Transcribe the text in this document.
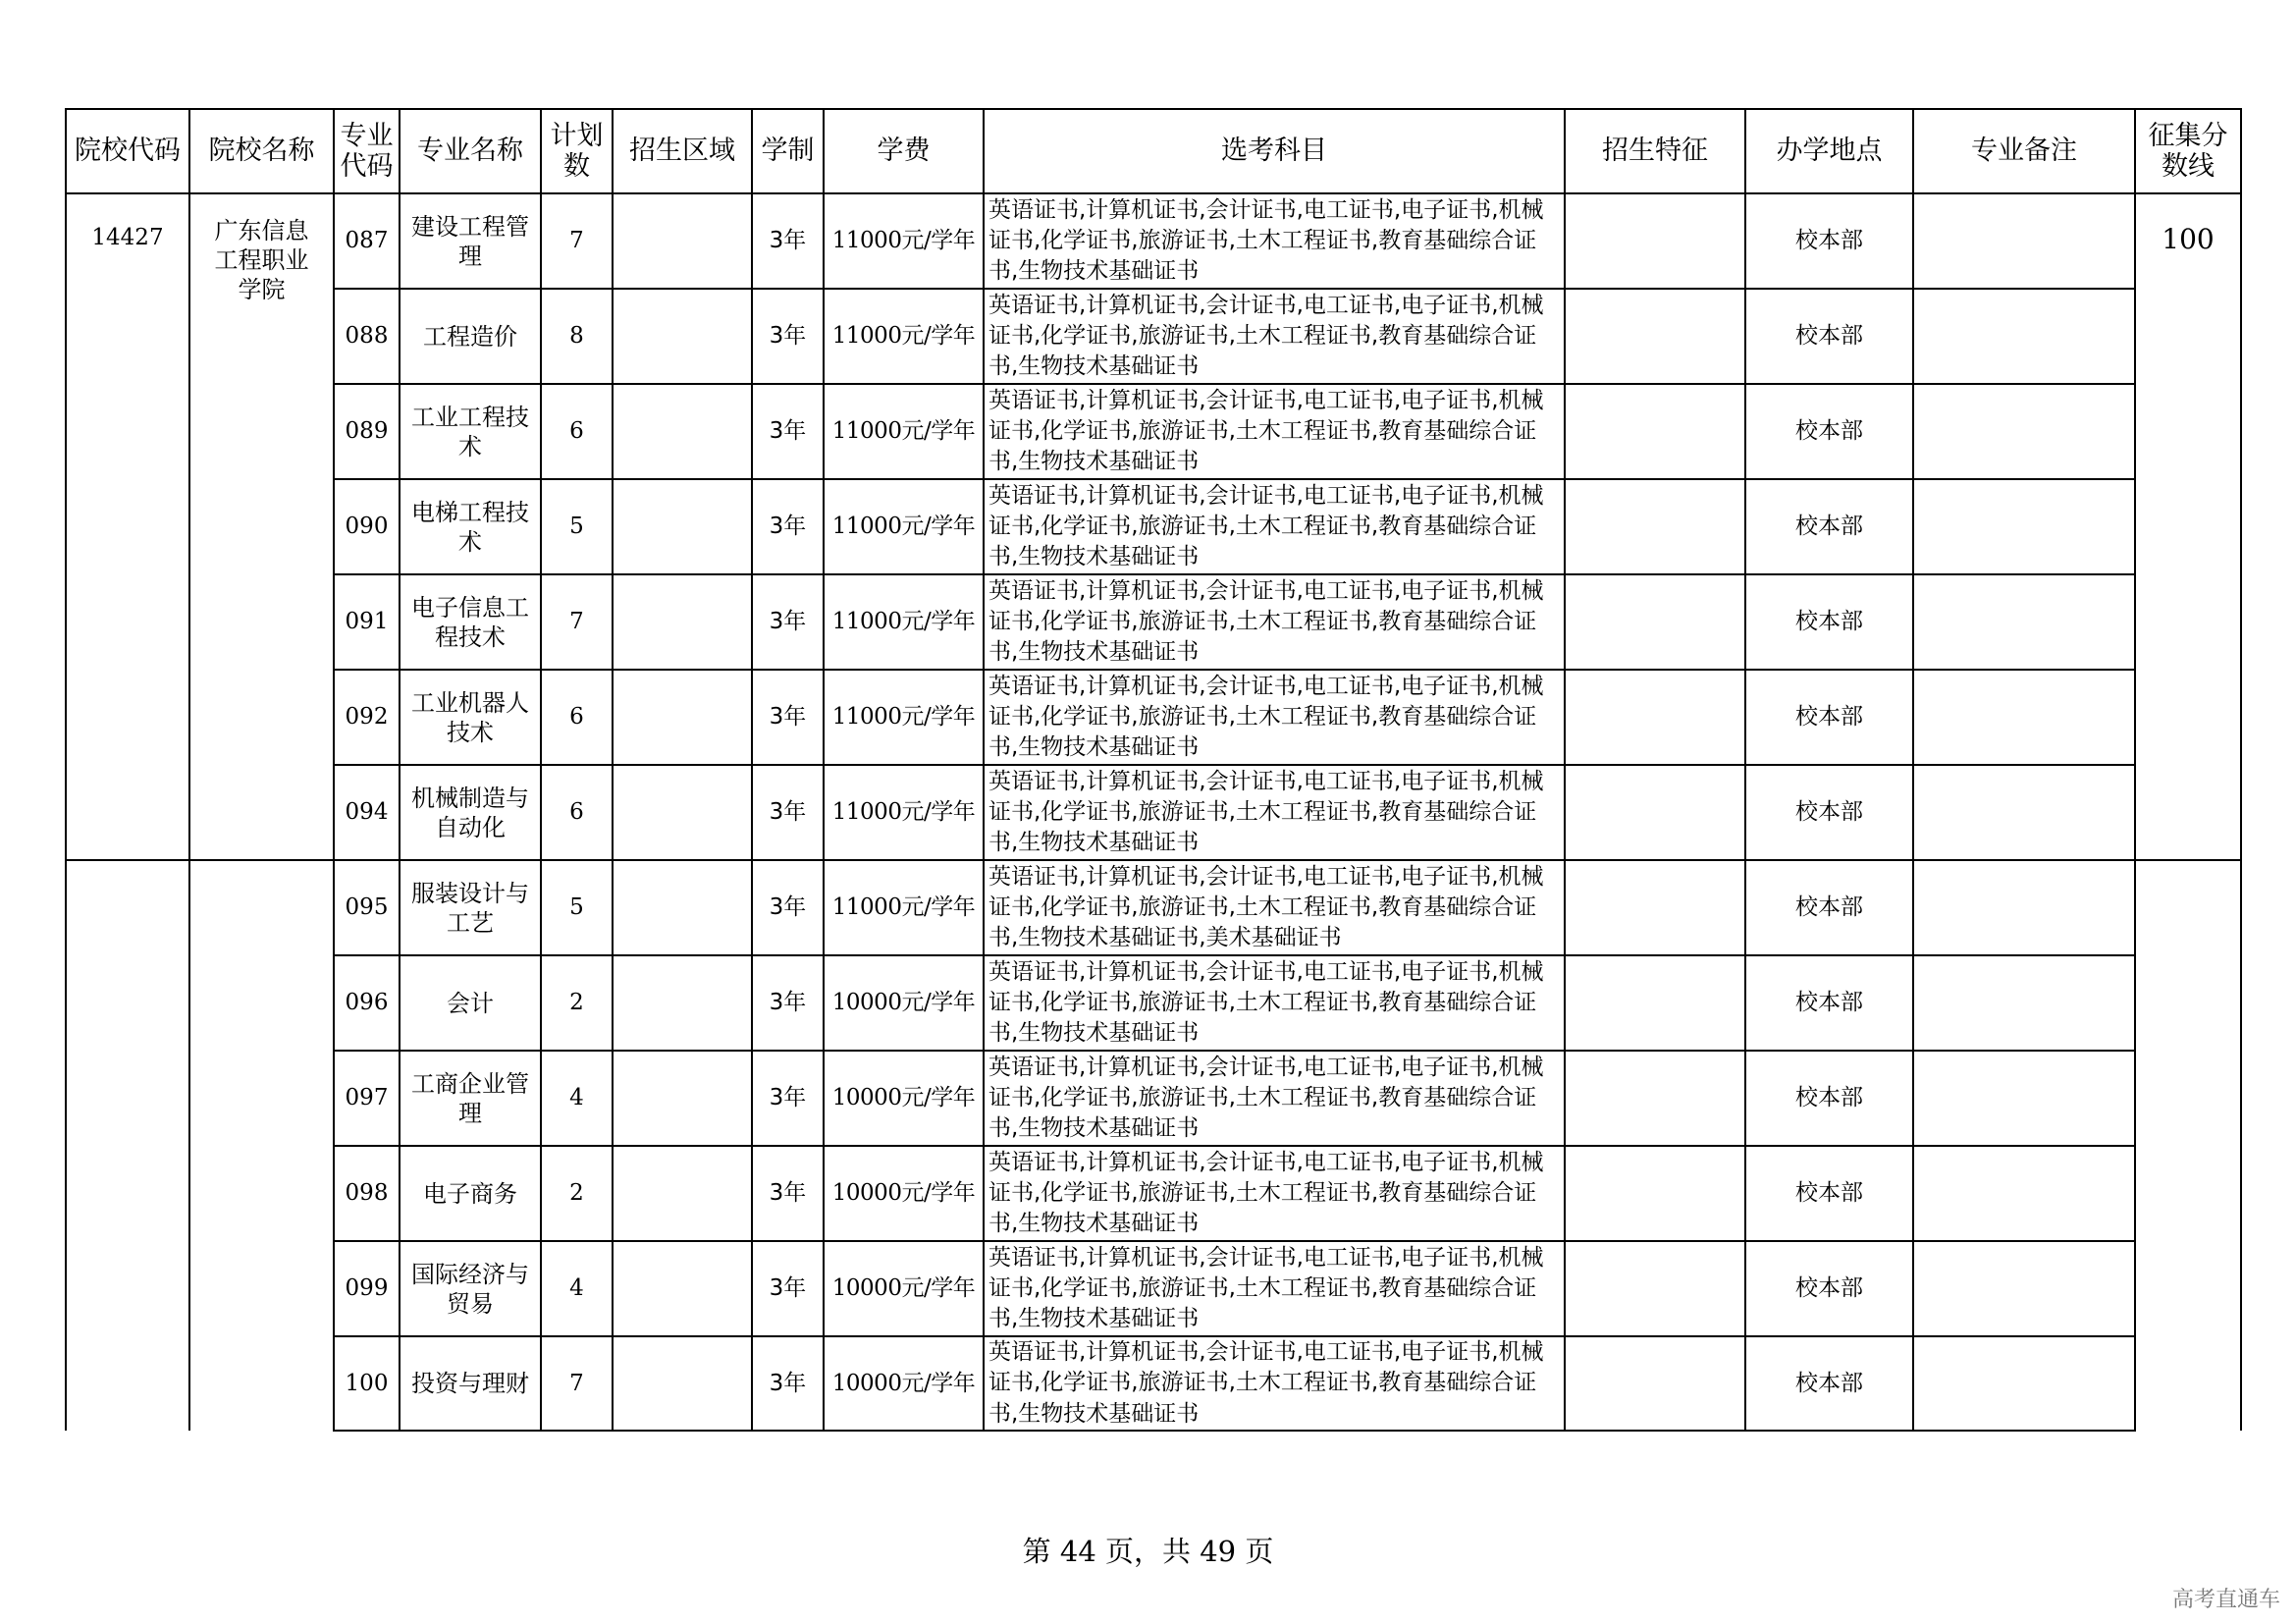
院校代码	院校名称	专业代码	专业名称	计划数	招生区域	学制	学费	选考科目	招生特征	办学地点	专业备注	征集分数线

14427	广东信息工程职业学院	087	建设工程管理	7		3年	11000元/学年	英语证书,计算机证书,会计证书,电工证书,电子证书,机械证书,化学证书,旅游证书,土木工程证书,教育基础综合证书,生物技术基础证书		校本部		100
		088	工程造价	8		3年	11000元/学年	英语证书,计算机证书,会计证书,电工证书,电子证书,机械证书,化学证书,旅游证书,土木工程证书,教育基础综合证书,生物技术基础证书		校本部		
		089	工业工程技术	6		3年	11000元/学年	英语证书,计算机证书,会计证书,电工证书,电子证书,机械证书,化学证书,旅游证书,土木工程证书,教育基础综合证书,生物技术基础证书		校本部		
		090	电梯工程技术	5		3年	11000元/学年	英语证书,计算机证书,会计证书,电工证书,电子证书,机械证书,化学证书,旅游证书,土木工程证书,教育基础综合证书,生物技术基础证书		校本部		
		091	电子信息工程技术	7		3年	11000元/学年	英语证书,计算机证书,会计证书,电工证书,电子证书,机械证书,化学证书,旅游证书,土木工程证书,教育基础综合证书,生物技术基础证书		校本部		
		092	工业机器人技术	6		3年	11000元/学年	英语证书,计算机证书,会计证书,电工证书,电子证书,机械证书,化学证书,旅游证书,土木工程证书,教育基础综合证书,生物技术基础证书		校本部		
		094	机械制造与自动化	6		3年	11000元/学年	英语证书,计算机证书,会计证书,电工证书,电子证书,机械证书,化学证书,旅游证书,土木工程证书,教育基础综合证书,生物技术基础证书		校本部		
		095	服装设计与工艺	5		3年	11000元/学年	英语证书,计算机证书,会计证书,电工证书,电子证书,机械证书,化学证书,旅游证书,土木工程证书,教育基础综合证书,生物技术基础证书,美术基础证书		校本部		
		096	会计	2		3年	10000元/学年	英语证书,计算机证书,会计证书,电工证书,电子证书,机械证书,化学证书,旅游证书,土木工程证书,教育基础综合证书,生物技术基础证书		校本部		
		097	工商企业管理	4		3年	10000元/学年	英语证书,计算机证书,会计证书,电工证书,电子证书,机械证书,化学证书,旅游证书,土木工程证书,教育基础综合证书,生物技术基础证书		校本部		
		098	电子商务	2		3年	10000元/学年	英语证书,计算机证书,会计证书,电工证书,电子证书,机械证书,化学证书,旅游证书,土木工程证书,教育基础综合证书,生物技术基础证书		校本部		
		099	国际经济与贸易	4		3年	10000元/学年	英语证书,计算机证书,会计证书,电工证书,电子证书,机械证书,化学证书,旅游证书,土木工程证书,教育基础综合证书,生物技术基础证书		校本部		
		100	投资与理财	7		3年	10000元/学年	英语证书,计算机证书,会计证书,电工证书,电子证书,机械证书,化学证书,旅游证书,土木工程证书,教育基础综合证书,生物技术基础证书		校本部		
第 44 页，共 49 页
高考直通车
